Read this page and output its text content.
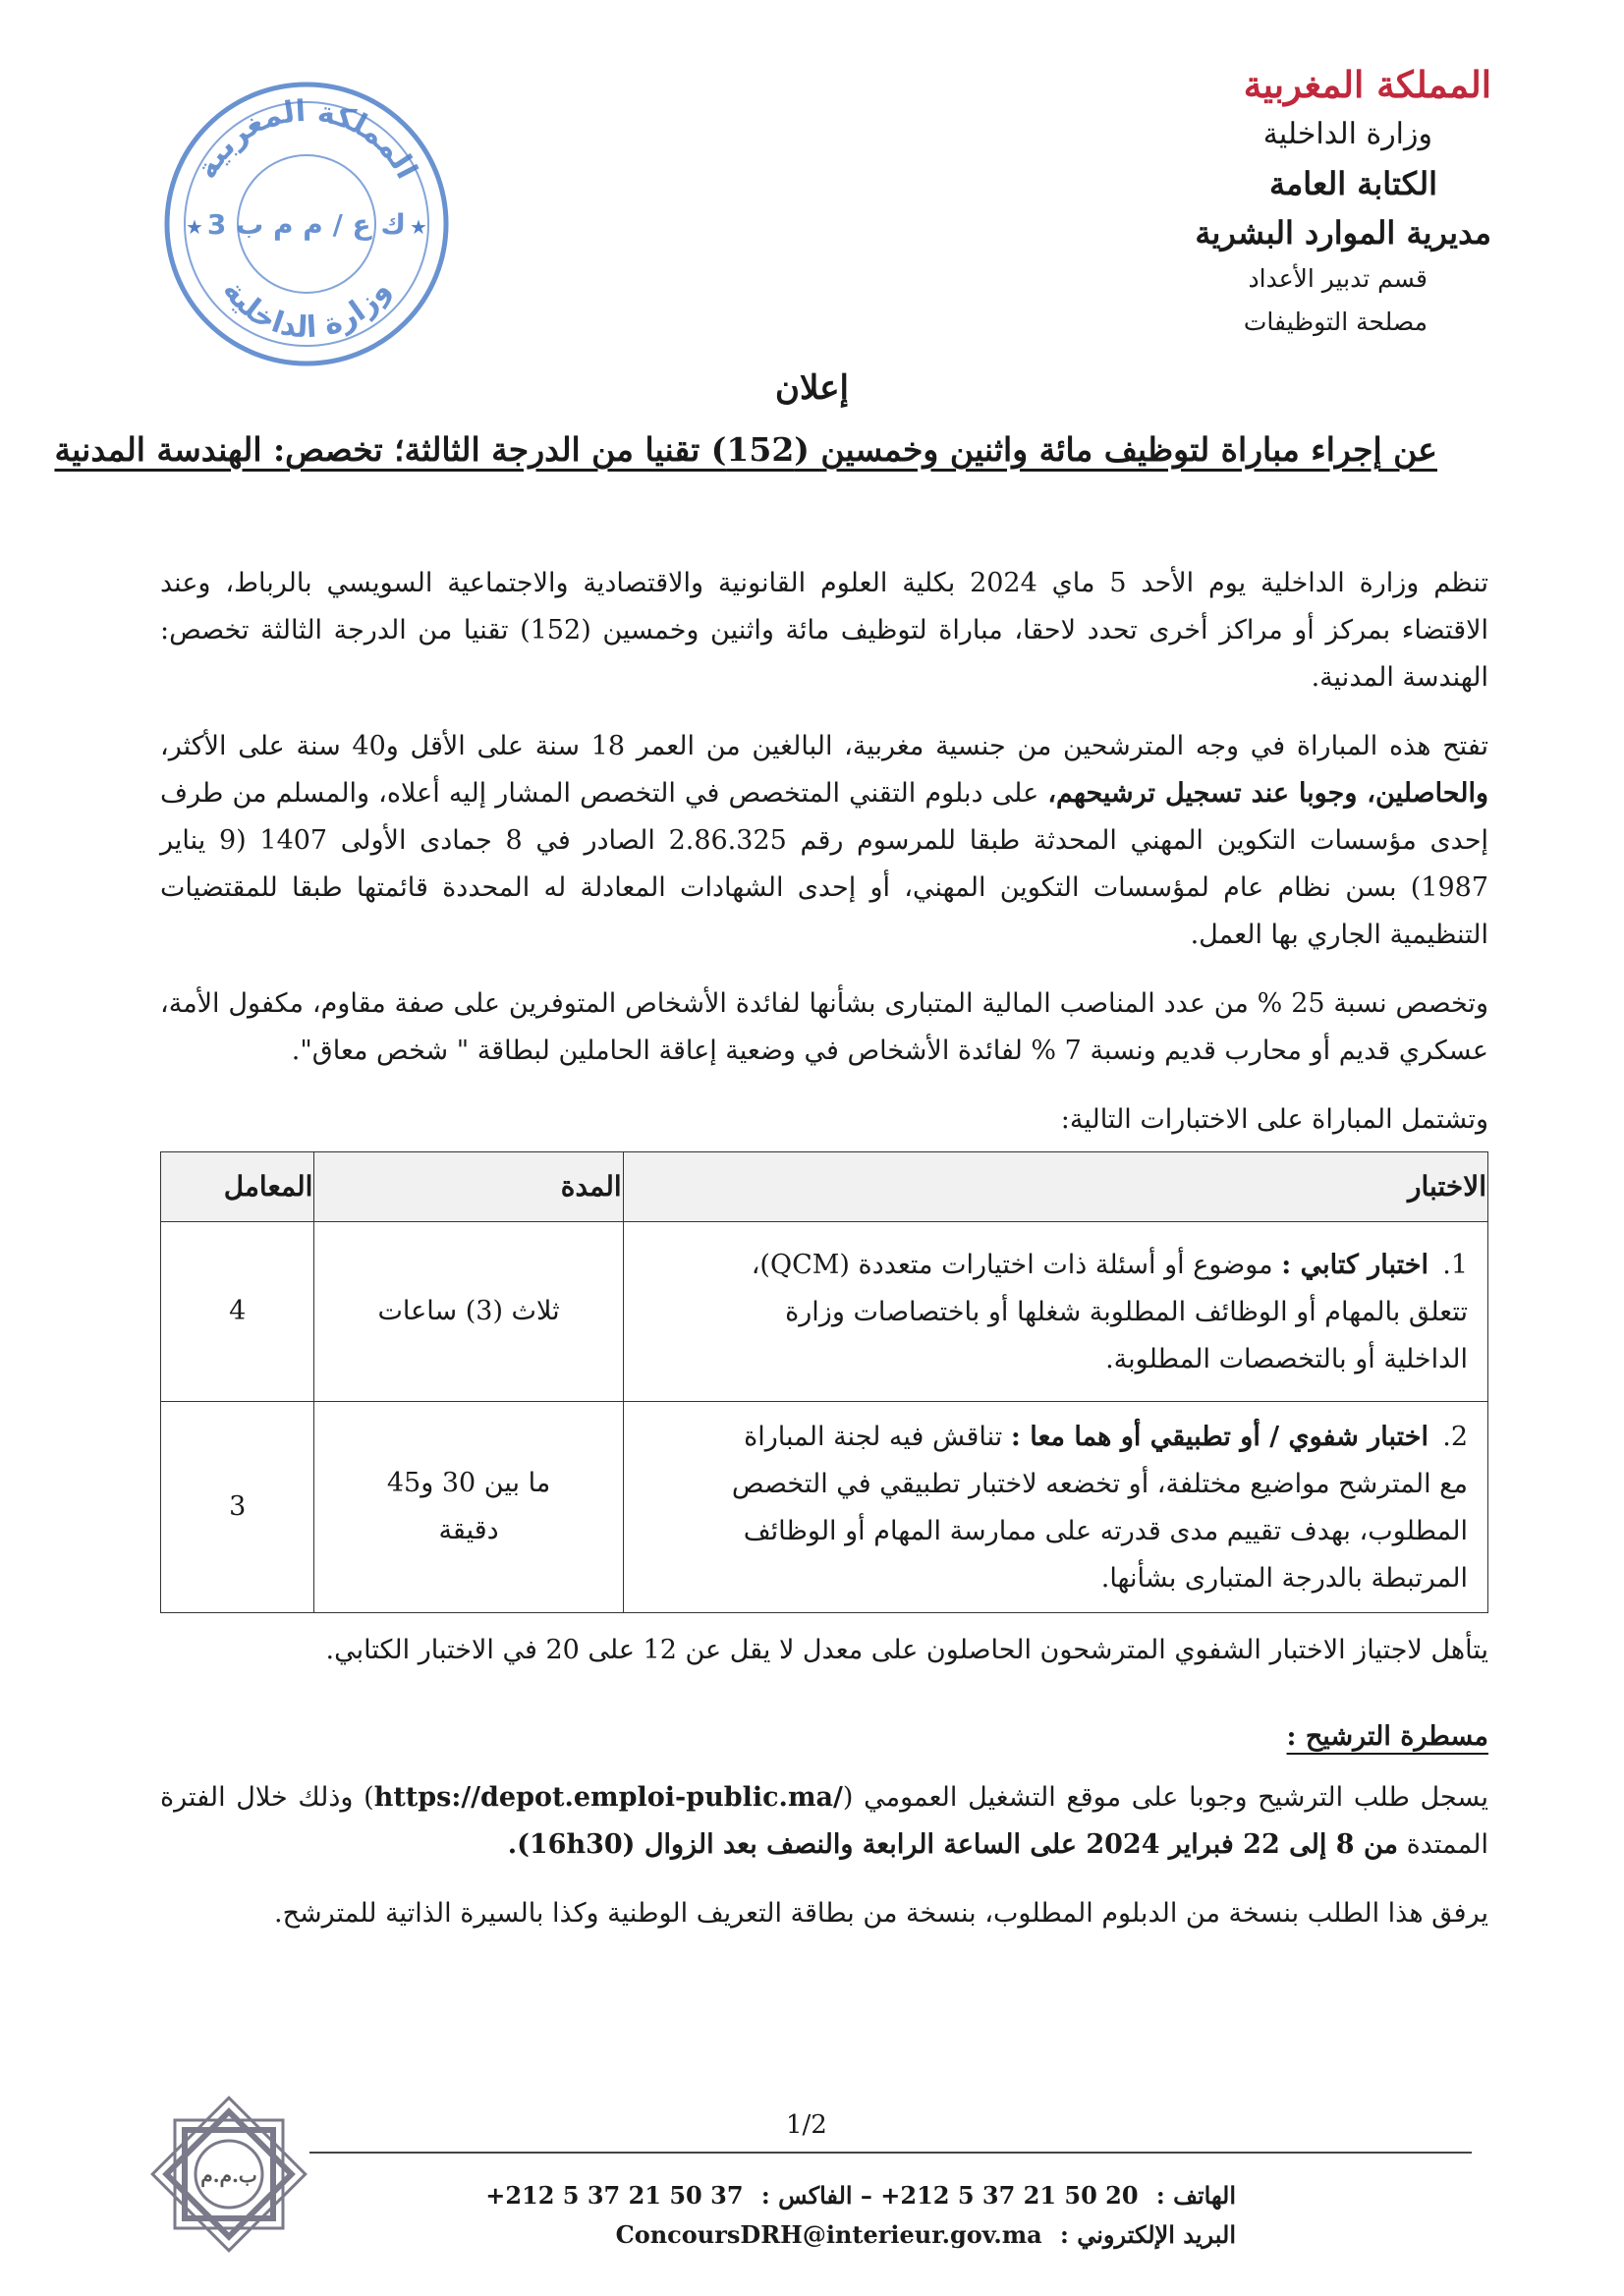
المملكة المغربية
وزارة الداخلية
الكتابة العامة
مديرية الموارد البشرية
قسم تدبير الأعداد
مصلحة التوظيفات
المملكة المغربية
وزارة الداخلية
ك ع / م م ب 3
★	★
إعلان
عن إجراء مباراة لتوظيف مائة واثنين وخمسين (152) تقنيا من الدرجة الثالثة؛ تخصص: الهندسة المدنية

تنظم وزارة الداخلية يوم الأحد 5 ماي 2024 بكلية العلوم القانونية والاقتصادية والاجتماعية السويسي بالرباط، وعند الاقتضاء بمركز أو مراكز أخرى تحدد لاحقا، مباراة لتوظيف مائة واثنين وخمسين (152) تقنيا من الدرجة الثالثة تخصص: الهندسة المدنية.

تفتح هذه المباراة في وجه المترشحين من جنسية مغربية، البالغين من العمر 18 سنة على الأقل و40 سنة على الأكثر، والحاصلين، وجوبا عند تسجيل ترشيحهم، على دبلوم التقني المتخصص في التخصص المشار إليه أعلاه، والمسلم من طرف إحدى مؤسسات التكوين المهني المحدثة طبقا للمرسوم رقم 2.86.325 الصادر في 8 جمادى الأولى 1407 (9 يناير 1987) بسن نظام عام لمؤسسات التكوين المهني، أو إحدى الشهادات المعادلة له المحددة قائمتها طبقا للمقتضيات التنظيمية الجاري بها العمل.

وتخصص نسبة 25 % من عدد المناصب المالية المتبارى بشأنها لفائدة الأشخاص المتوفرين على صفة مقاوم، مكفول الأمة، عسكري قديم أو محارب قديم ونسبة 7 % لفائدة الأشخاص في وضعية إعاقة الحاملين لبطاقة " شخص معاق".

وتشتمل المباراة على الاختبارات التالية:

الاختبار	المدة	المعامل
1.اختبار كتابي : موضوع أو أسئلة ذات اختيارات متعددة (QCM)، تتعلق بالمهام أو الوظائف المطلوبة شغلها أو باختصاصات وزارة الداخلية أو بالتخصصات المطلوبة.	ثلاث (3) ساعات	4
2.اختبار شفوي / أو تطبيقي أو هما معا : تناقش فيه لجنة المباراة مع المترشح مواضيع مختلفة، أو تخضعه لاختبار تطبيقي في التخصص المطلوب، بهدف تقييم مدى قدرته على ممارسة المهام أو الوظائف المرتبطة بالدرجة المتبارى بشأنها.	ما بين 30 و45 دقيقة	3

يتأهل لاجتياز الاختبار الشفوي المترشحون الحاصلون على معدل لا يقل عن 12 على 20 في الاختبار الكتابي.

مسطرة الترشيح :

يسجل طلب الترشيح وجوبا على موقع التشغيل العمومي (https://depot.emploi-public.ma/) وذلك خلال الفترة الممتدة من 8 إلى 22 فبراير 2024 على الساعة الرابعة والنصف بعد الزوال (16h30).

يرفق هذا الطلب بنسخة من الدبلوم المطلوب، بنسخة من بطاقة التعريف الوطنية وكذا بالسيرة الذاتية للمترشح.

1/2
ب.م.م
الهاتف : +212 5 37 21 50 20 – الفاكس : +212 5 37 21 50 37
البريد الإلكتروني : ConcoursDRH@interieur.gov.ma
